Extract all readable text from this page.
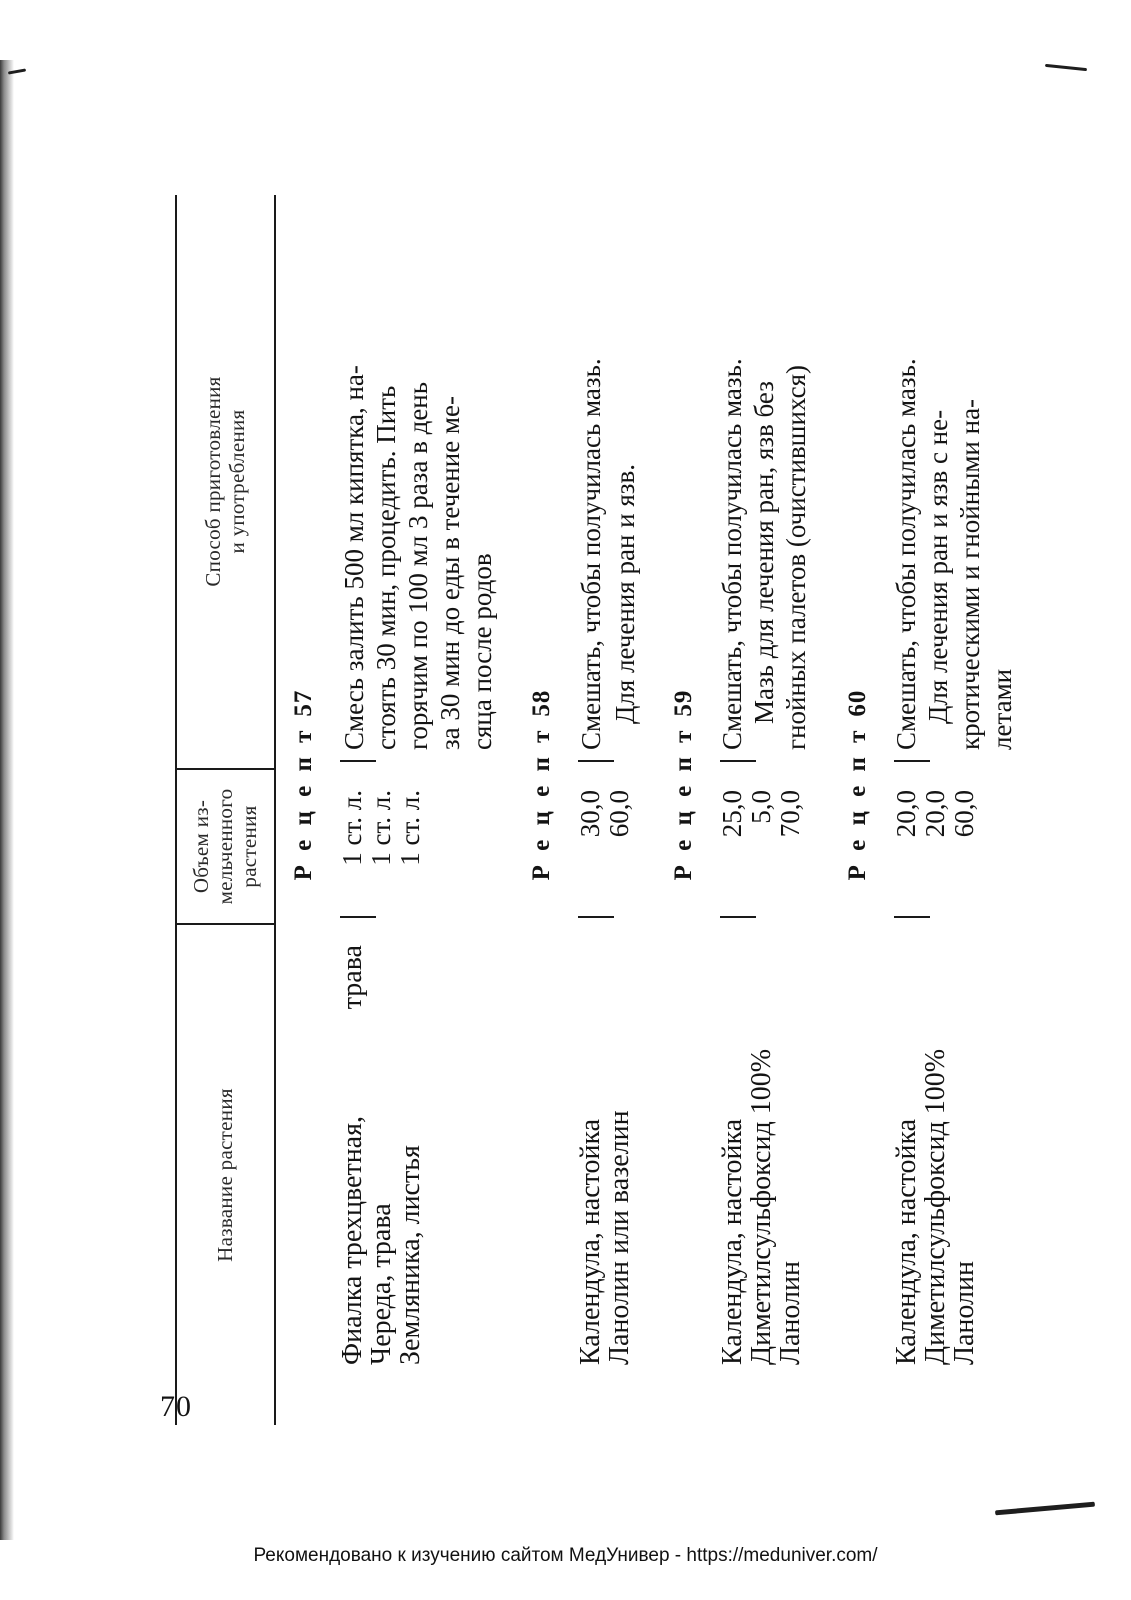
Название растения
Объем из- мельченного растения
Способ приготовления и употребления
Р е ц е п т57
Фиалка трехцветная,
трава
Череда, трава
Земляника, листья
1 ст. л. 1 ст. л. 1 ст. л.
Смесь залить 500 мл кипятка, на- стоять 30 мин, процедить. Пить горячим по 100 мл 3 раза в день за 30 мин до еды в течение ме- сяца после родов
Р е ц е п т58
Календула, настойка
Ланолин или вазелин
30,0 60,0
Смешать, чтобы получилась мазь. Для лечения ран и язв.
Р е ц е п т59
Календула, настойка
Диметилсульфоксид 100%
Ланолин
25,0 5,0 70,0
Смешать, чтобы получилась мазь. Мазь для лечения ран, язв без гнойных палетов (очистившихся)
Р е ц е п т60
Календула, настойка
Диметилсульфоксид 100%
Ланолин
20,0 20,0 60,0
Смешать, чтобы получилась мазь. Для лечения ран и язв с не- кротическими и гнойными на- летами
70
Рекомендовано к изучению сайтом МедУнивер - https://meduniver.com/
